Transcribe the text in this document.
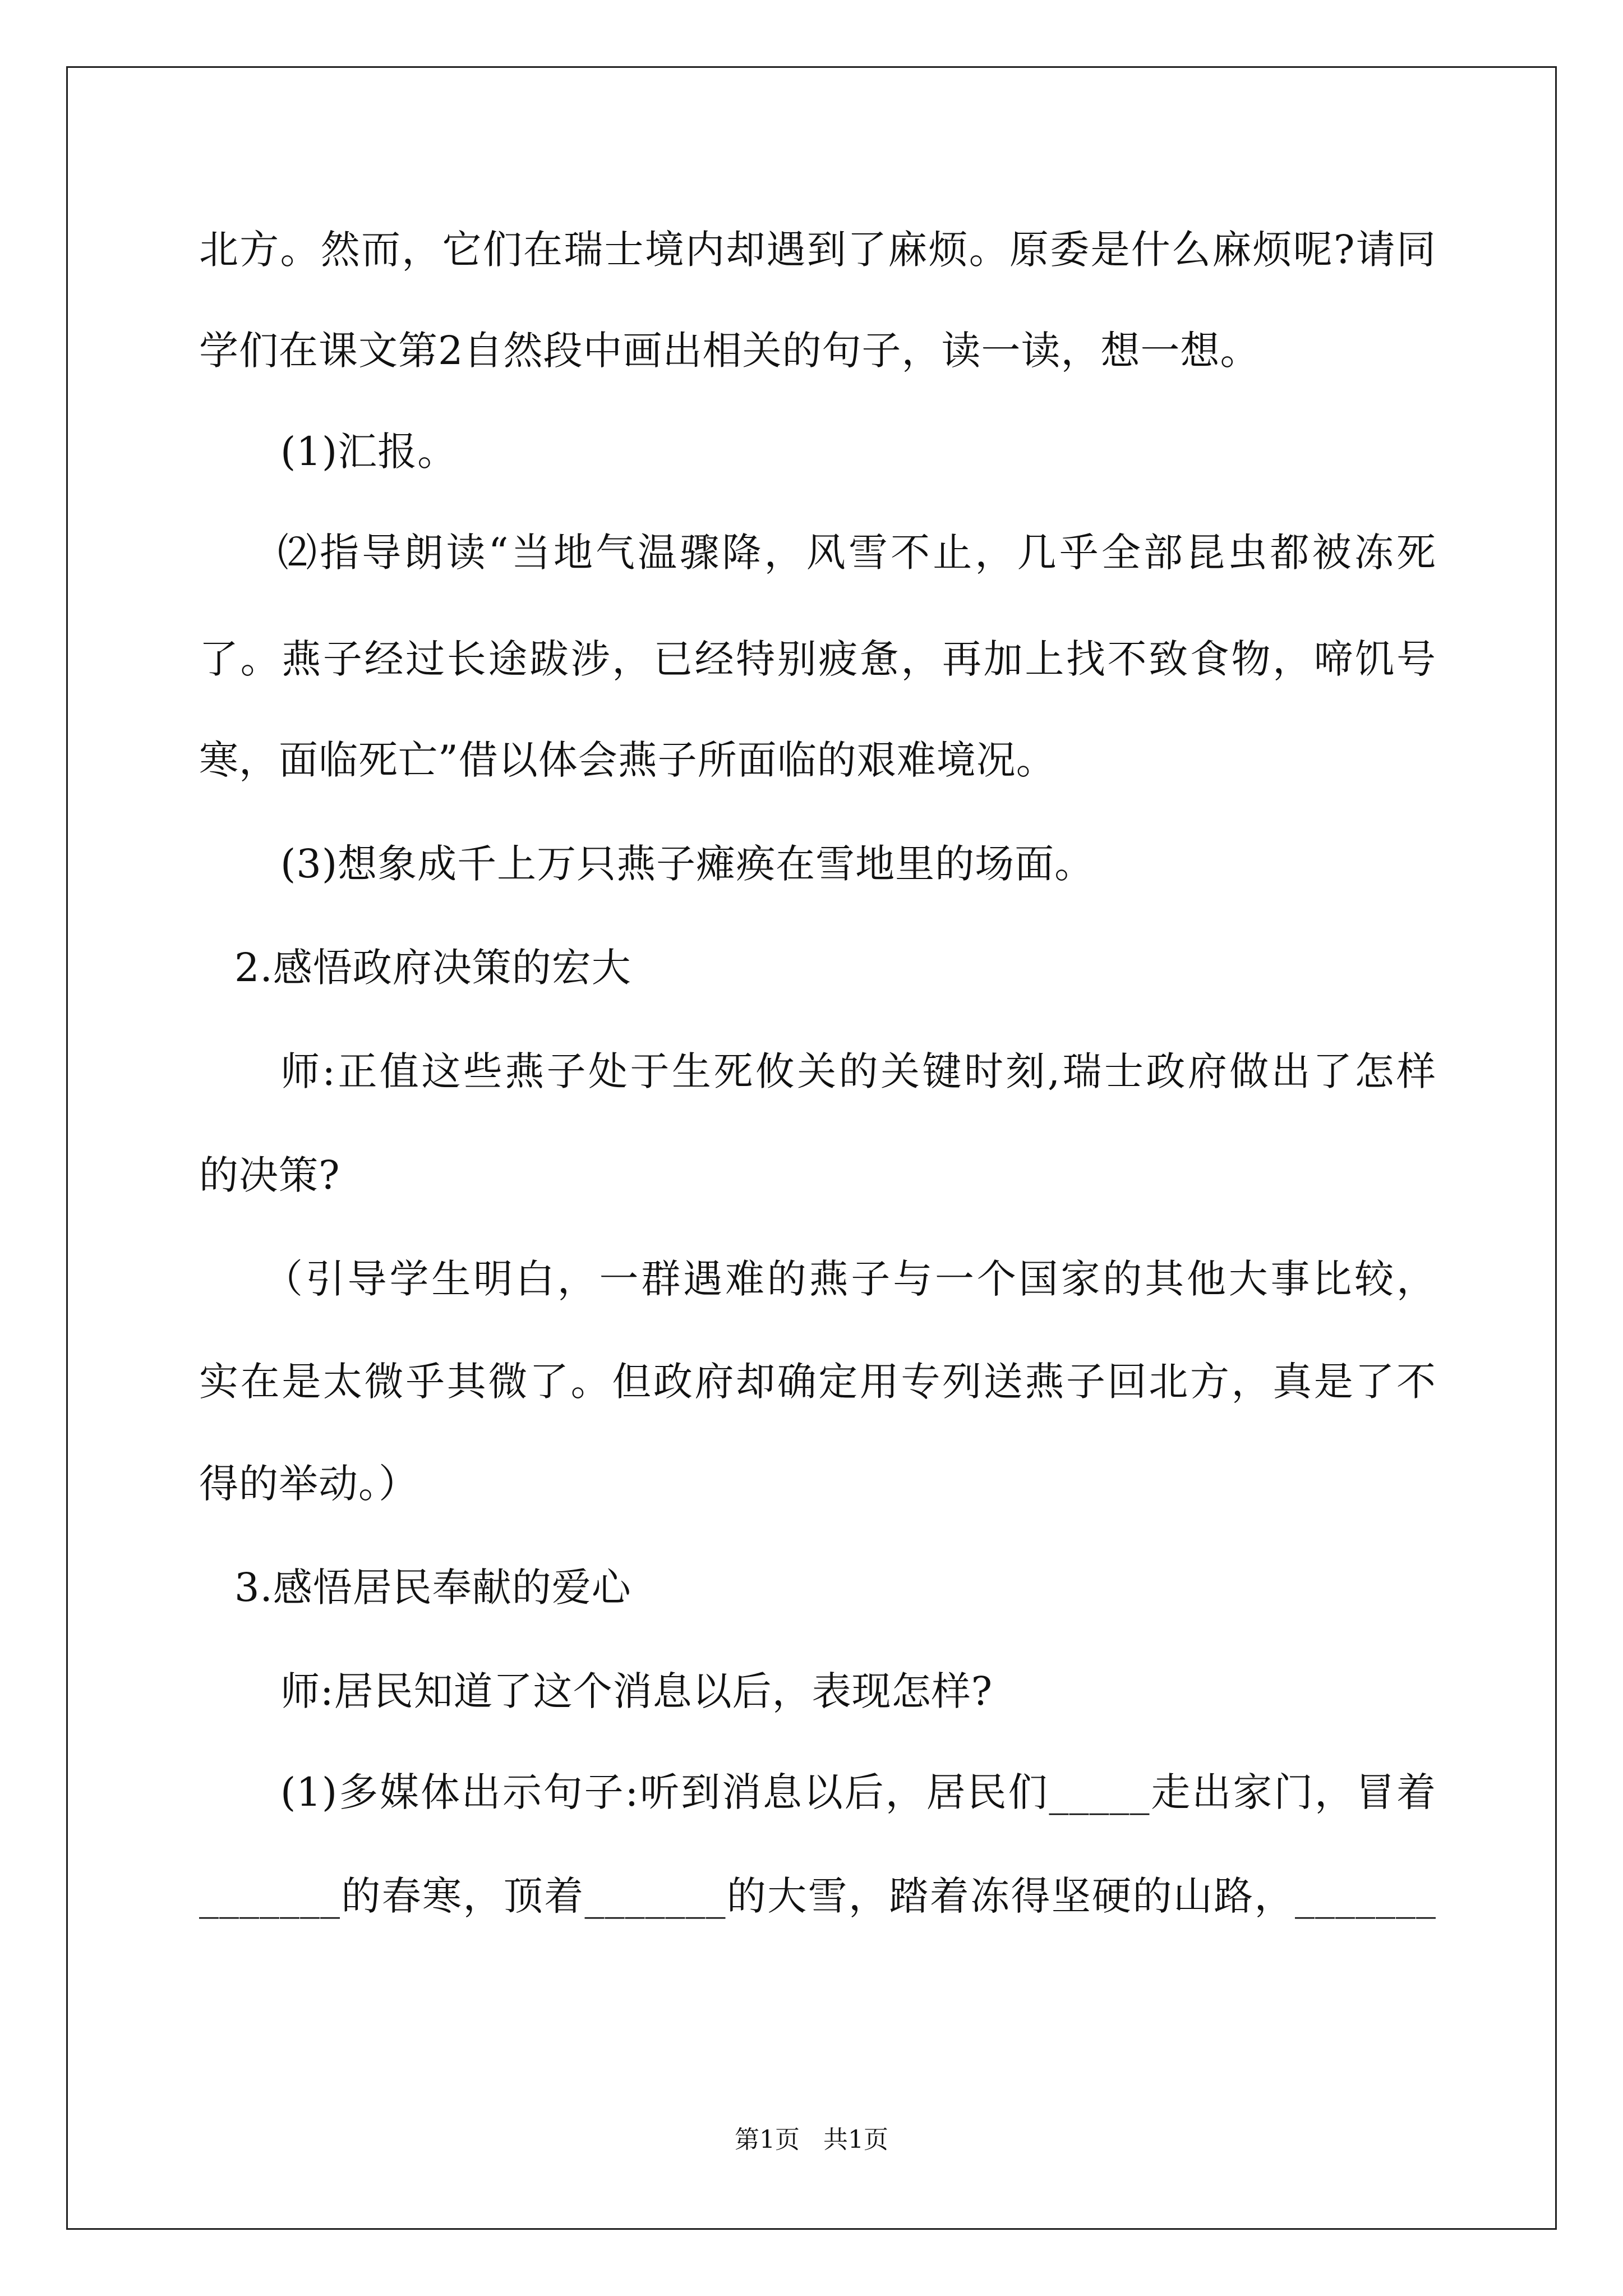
北方。然而，它们在瑞士境内却遇到了麻烦。原委是什么麻烦呢?请同
学们在课文第2自然段中画出相关的句子，读一读，想一想。
(1)汇报。
⑵指导朗读“当地气温骤降，风雪不止，几乎全部昆虫都被冻死
了。燕子经过长途跋涉，已经特别疲惫，再加上找不致食物，啼饥号
寒，面临死亡”借以体会燕子所面临的艰难境况。
(3)想象成千上万只燕子瘫痪在雪地里的场面。
2.感悟政府决策的宏大
师:正值这些燕子处于生死攸关的关键时刻,瑞士政府做出了怎样
的决策?
（引导学生明白，一群遇难的燕子与一个国家的其他大事比较，
实在是太微乎其微了。但政府却确定用专列送燕子回北方，真是了不
得的举动。）
3.感悟居民奉献的爱心
师:居民知道了这个消息以后，表现怎样?
(1)多媒体出示句子:听到消息以后，居民们_____走出家门，冒着
_______的春寒，顶着_______的大雪，踏着冻得坚硬的山路，_______
第1页   共1页
